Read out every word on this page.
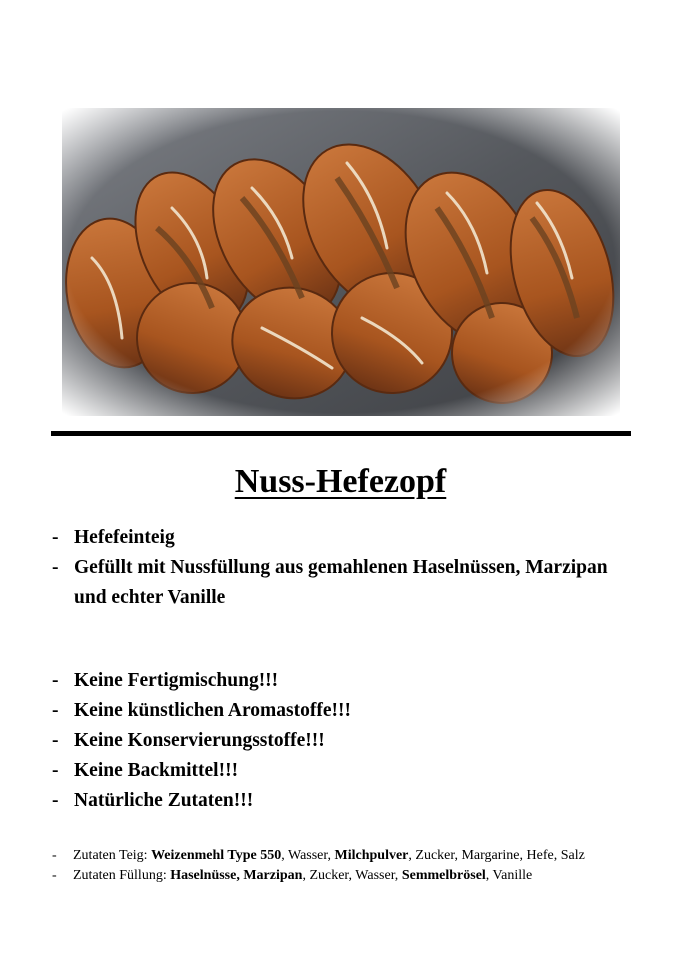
Nuss-Hefezopf
- Hefefeinteig
- Gefüllt mit Nussfüllung aus gemahlenen Haselnüssen, Marzipan und echter Vanille
- Keine Fertigmischung!!!
- Keine künstlichen Aromastoffe!!!
- Keine Konservierungsstoffe!!!
- Keine Backmittel!!!
- Natürliche Zutaten!!!
-	Zutaten Teig: Weizenmehl Type 550, Wasser, Milchpulver, Zucker, Margarine, Hefe, Salz
-	Zutaten Füllung: Haselnüsse, Marzipan, Zucker, Wasser, Semmelbrösel, Vanille
